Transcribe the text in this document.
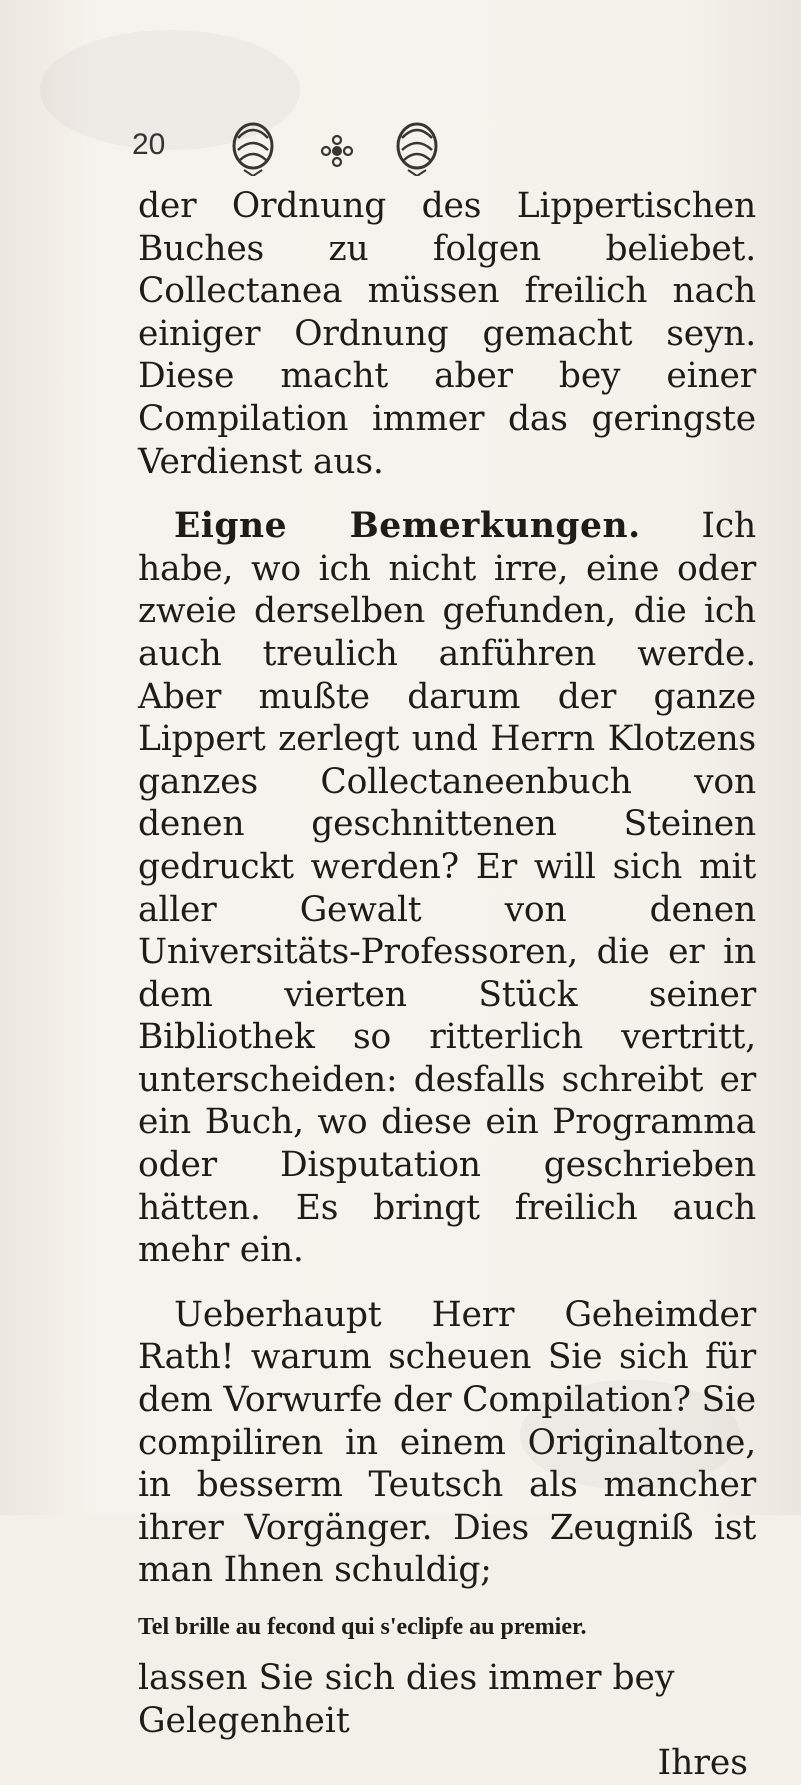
20

der Ordnung des Lippertischen Buches zu folgen beliebet. Collectanea müssen freilich nach einiger Ordnung gemacht seyn. Diese macht aber bey einer Compilation immer das geringste Verdienst aus.

Eigne Bemerkungen. Ich habe, wo ich nicht irre, eine oder zweie derselben gefunden, die ich auch treulich anführen werde. Aber mußte darum der ganze Lippert zerlegt und Herrn Klotzens ganzes Collectaneenbuch von denen geschnittenen Steinen gedruckt werden? Er will sich mit aller Gewalt von denen Universitäts-Professoren, die er in dem vierten Stück seiner Bibliothek so ritterlich vertritt, unterscheiden: desfalls schreibt er ein Buch, wo diese ein Programma oder Disputation geschrieben hätten. Es bringt freilich auch mehr ein.

Ueberhaupt Herr Geheimder Rath! warum scheuen Sie sich für dem Vorwurfe der Compilation? Sie compiliren in einem Originaltone, in besserm Teutsch als mancher ihrer Vorgänger. Dies Zeugniß ist man Ihnen schuldig;

Tel brille au fecond qui s'eclipfe au premier.

lassen Sie sich dies immer bey Gelegenheit

Ihres
